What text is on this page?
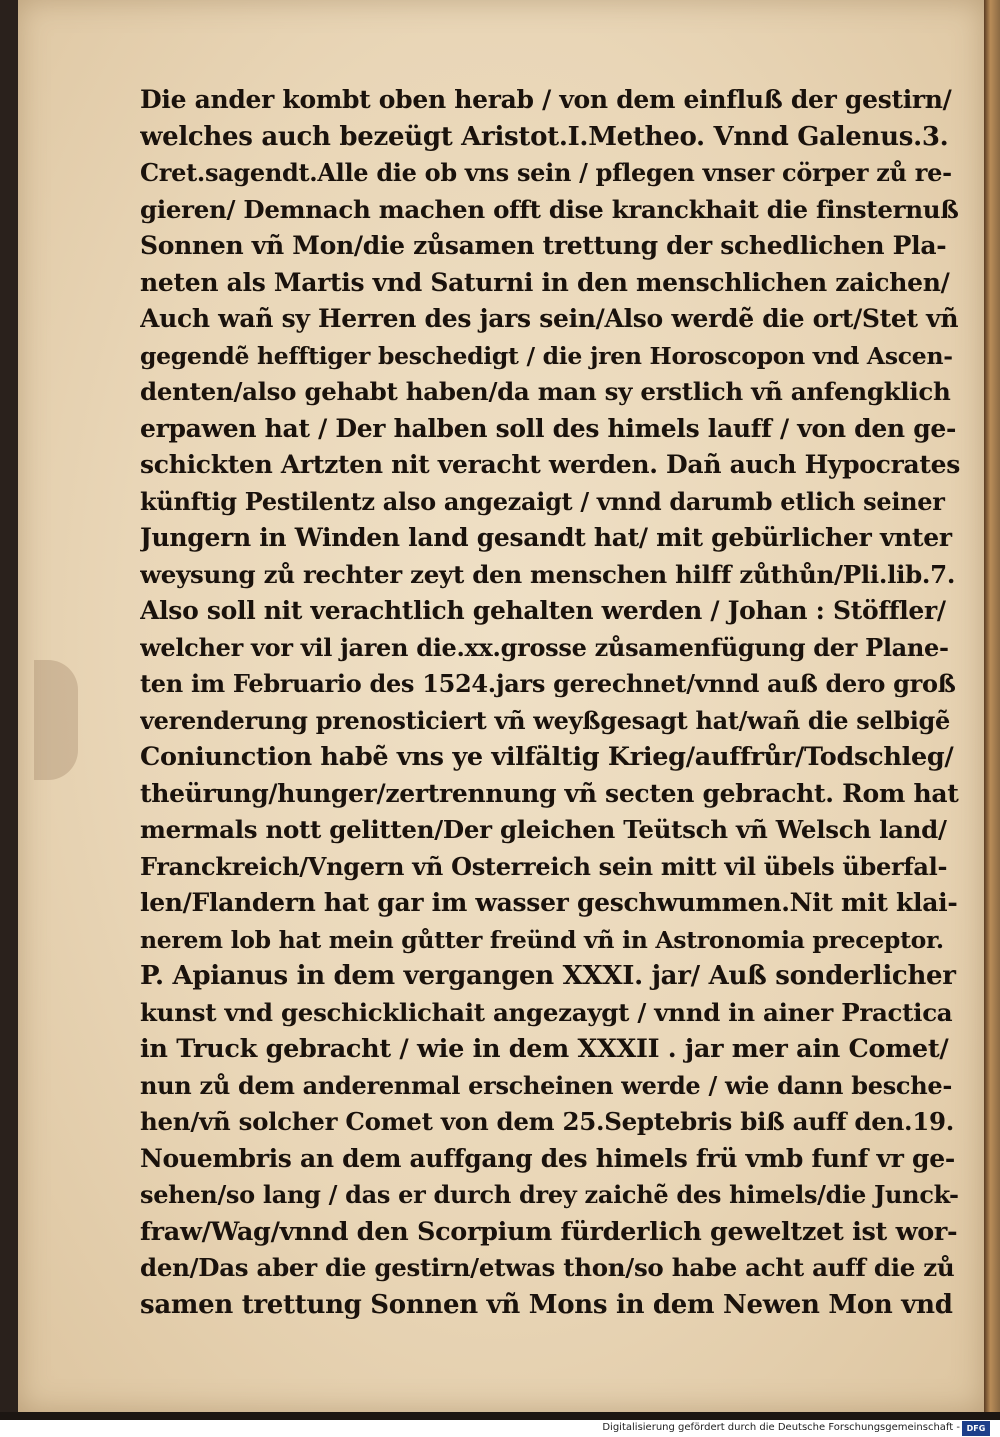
Die ander kombt oben herab / von dem einfluß der gestirn/
welches auch bezeügt Aristot.I.Metheo. Vnnd Galenus.3.
Cret.sagendt.Alle die ob vns sein / pflegen vnser cörper zů re-
gieren/ Demnach machen offt dise kranckhait die finsternuß
Sonnen vñ Mon/die zůsamen trettung der schedlichen Pla-
neten als Martis vnd Saturni in den menschlichen zaichen/
Auch wañ sy Herren des jars sein/Also werdẽ die ort/Stet vñ
gegendẽ hefftiger beschedigt / die jren Horoscopon vnd Ascen-
denten/also gehabt haben/da man sy erstlich vñ anfengklich
erpawen hat / Der halben soll des himels lauff / von den ge-
schickten Artzten nit veracht werden. Dañ auch Hypocrates
künftig Pestilentz also angezaigt / vnnd darumb etlich seiner
Jungern in Winden land gesandt hat/ mit gebürlicher vnter
weysung zů rechter zeyt den menschen hilff zůthůn/Pli.lib.7.
Also soll nit verachtlich gehalten werden / Johan : Stöffler/
welcher vor vil jaren die.xx.grosse zůsamenfügung der Plane-
ten im Februario des 1524.jars gerechnet/vnnd auß dero groß
verenderung prenosticiert vñ weyßgesagt hat/wañ die selbigẽ
Coniunction habẽ vns ye vilfältig Krieg/auffrůr/Todschleg/
theürung/hunger/zertrennung vñ secten gebracht. Rom hat
mermals nott gelitten/Der gleichen Teütsch vñ Welsch land/
Franckreich/Vngern vñ Osterreich sein mitt vil übels überfal-
len/Flandern hat gar im wasser geschwummen.Nit mit klai-
nerem lob hat mein gůtter freünd vñ in Astronomia preceptor.
P. Apianus in dem vergangen XXXI. jar/ Auß sonderlicher
kunst vnd geschicklichait angezaygt / vnnd in ainer Practica
in Truck gebracht / wie in dem XXXII . jar mer ain Comet/
nun zů dem anderenmal erscheinen werde / wie dann besche-
hen/vñ solcher Comet von dem 25.Septebris biß auff den.19.
Nouembris an dem auffgang des himels frü vmb funf vr ge-
sehen/so lang / das er durch drey zaichẽ des himels/die Junck-
fraw/Wag/vnnd den Scorpium fürderlich geweltzet ist wor-
den/Das aber die gestirn/etwas thon/so habe acht auff die zů
samen trettung Sonnen vñ Mons in dem Newen Mon vnd
Digitalisierung gefördert durch die Deutsche Forschungsgemeinschaft - DFG
